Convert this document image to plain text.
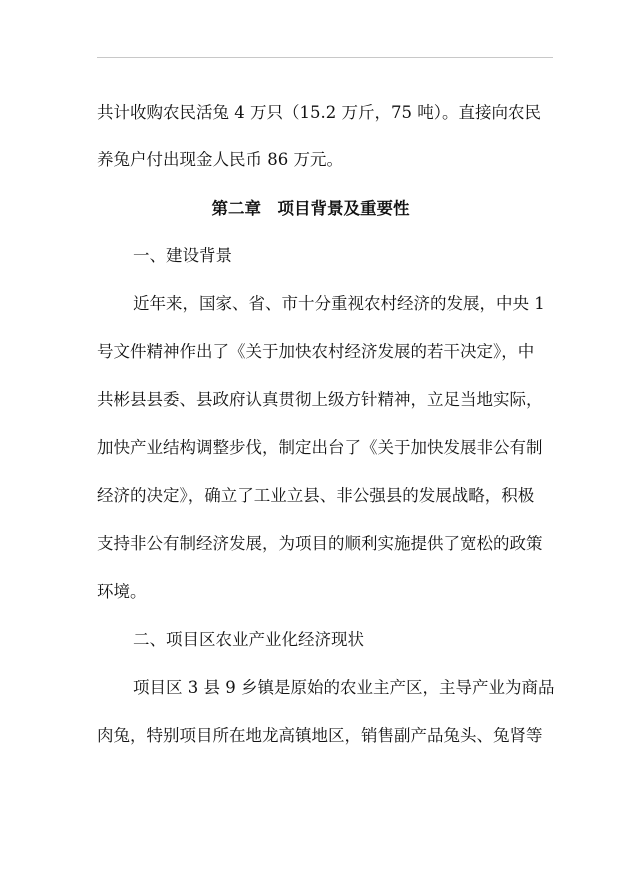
共计收购农民活兔 4 万只（15.2 万斤，75 吨）。直接向农民
养兔户付出现金人民币 86 万元。
第二章　项目背景及重要性
一、建设背景
近年来，国家、省、市十分重视农村经济的发展，中央 1
号文件精神作出了《关于加快农村经济发展的若干决定》，中
共彬县县委、县政府认真贯彻上级方针精神，立足当地实际，
加快产业结构调整步伐，制定出台了《关于加快发展非公有制
经济的决定》，确立了工业立县、非公强县的发展战略，积极
支持非公有制经济发展，为项目的顺利实施提供了宽松的政策
环境。
二、项目区农业产业化经济现状
项目区 3 县 9 乡镇是原始的农业主产区，主导产业为商品
肉兔，特别项目所在地龙高镇地区，销售副产品兔头、兔肾等
